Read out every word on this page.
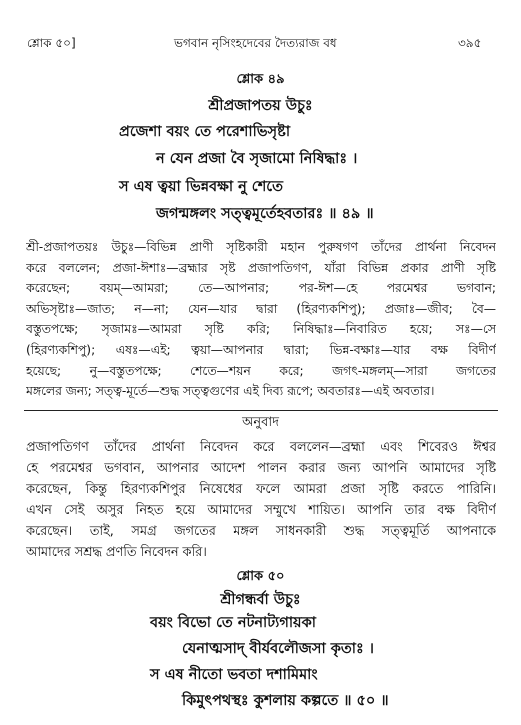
শ্লোক ৫০]	ভগবান নৃসিংহদেবের দৈত্যরাজ বধ	৩৯৫
শ্লোক ৪৯
শ্রীপ্রজাপতয় উচুঃ
প্রজেশা বয়ং তে পরেশাভিসৃষ্টা
ন যেন প্রজা বৈ সৃজামো নিষিদ্ধাঃ ।
স এষ ত্বয়া ভিন্নবক্ষা নু শেতে
জগন্মঙ্গলং সত্ত্বমূর্তেহবতারঃ ॥ ৪৯ ॥
শ্রী-প্রজাপতয়ঃ উচুঃ—বিভিন্ন প্রাণী সৃষ্টিকারী মহান পুরুষগণ তাঁদের প্রার্থনা নিবেদন
করে বললেন; প্রজা-ঈশাঃ—ব্রহ্মার সৃষ্ট প্রজাপতিগণ, যাঁরা বিভিন্ন প্রকার প্রাণী সৃষ্টি
করেছেন; বয়ম্—আমরা; তে—আপনার; পর-ঈশ—হে পরমেশ্বর ভগবান;
অভিসৃষ্টাঃ—জাত; ন—না; যেন—যার দ্বারা (হিরণ্যকশিপু); প্রজাঃ—জীব; বৈ—
বস্তুতপক্ষে; সৃজামঃ—আমরা সৃষ্টি করি; নিষিদ্ধাঃ—নিবারিত হয়ে; সঃ—সে
(হিরণ্যকশিপু); এষঃ—এই; ত্বয়া—আপনার দ্বারা; ভিন্ন-বক্ষাঃ—যার বক্ষ বিদীর্ণ
হয়েছে; নু—বস্তুতপক্ষে; শেতে—শয়ন করে; জগৎ-মঙ্গলম্—সারা জগতের
মঙ্গলের জন্য; সত্ত্ব-মূর্তে—শুদ্ধ সত্ত্বগুণের এই দিব্য রূপে; অবতারঃ—এই অবতার।
অনুবাদ
প্রজাপতিগণ তাঁদের প্রার্থনা নিবেদন করে বললেন—ব্রহ্মা এবং শিবেরও ঈশ্বর
হে পরমেশ্বর ভগবান, আপনার আদেশ পালন করার জন্য আপনি আমাদের সৃষ্টি
করেছেন, কিন্তু হিরণ্যকশিপুর নিষেধের ফলে আমরা প্রজা সৃষ্টি করতে পারিনি।
এখন সেই অসুর নিহত হয়ে আমাদের সম্মুখে শায়িত। আপনি তার বক্ষ বিদীর্ণ
করেছেন। তাই, সমগ্র জগতের মঙ্গল সাধনকারী শুদ্ধ সত্ত্বমূর্তি আপনাকে
আমাদের সশ্রদ্ধ প্রণতি নিবেদন করি।
শ্লোক ৫০
শ্রীগন্ধর্বা উচুঃ
বয়ং বিভো তে নটনাট্যগায়কা
যেনাত্মসাদ্ বীর্যবলৌজসা কৃতাঃ ।
স এষ নীতো ভবতা দশামিমাং
কিমুৎপথস্থঃ কুশলায় কল্পতে ॥ ৫০ ॥
